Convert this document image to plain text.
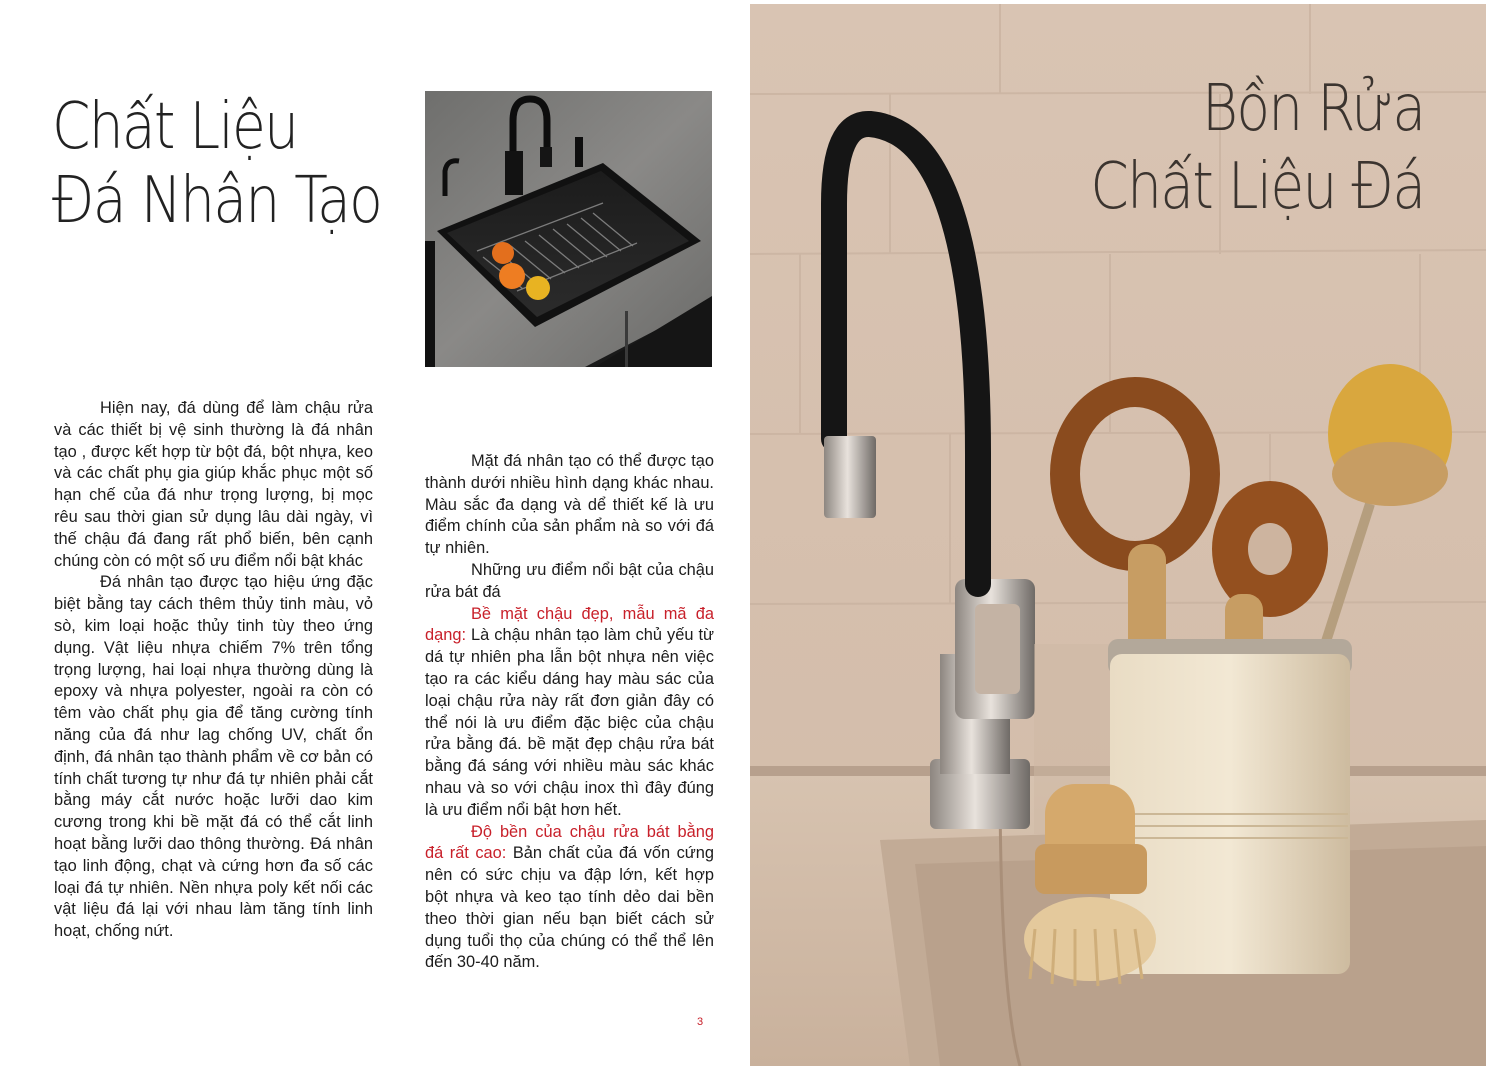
Chất Liệu
Đá Nhân Tạo

Hiện nay, đá dùng để làm chậu rửa và các thiết bị vệ sinh thường là đá nhân tạo , được kết hợp từ bột đá, bột nhựa, keo và các chất phụ gia giúp khắc phục một số hạn chế của đá như trọng lượng, bị mọc rêu sau thời gian sử dụng lâu dài ngày, vì thế chậu đá đang rất phổ biến, bên cạnh chúng còn có một số ưu điểm nổi bật khác

Đá nhân tạo được tạo hiệu ứng đặc biệt bằng tay cách thêm thủy tinh màu, vỏ sò, kim loại hoặc thủy tinh tùy theo ứng dụng. Vật liệu nhựa chiếm 7% trên tổng trọng lượng, hai loại nhựa thường dùng là epoxy và nhựa polyester, ngoài ra còn có têm vào chất phụ gia để tăng cường tính năng của đá như lag chống UV, chất ổn định, đá nhân tạo thành phẩm về cơ bản có tính chất tương tự như đá tự nhiên phải cắt bằng máy cắt nước hoặc lưỡi dao kim cương trong khi bề mặt đá có thể cắt linh hoạt bằng lưỡi dao thông thường. Đá nhân tạo linh động, chạt và cứng hơn đa số các loại đá tự nhiên. Nền nhựa poly kết nối các vật liệu đá lại với nhau làm tăng tính linh hoạt, chống nứt.

Mặt đá nhân tạo có thể được tạo thành dưới nhiều hình dạng khác nhau. Màu sắc đa dạng và dể thiết kế là ưu điểm chính của sản phẩm nà so với đá tự nhiên.

Những ưu điểm nổi bật của chậu rửa bát đá

Bề mặt chậu đẹp, mẫu mã đa dạng: Là chậu nhân tạo làm chủ yếu từ dá tự nhiên pha lẫn bột nhựa nên việc tạo ra các kiểu dáng hay màu sác của loại chậu rửa này rất đơn giản đây có thể nói là ưu điểm đặc biệc của chậu rửa bằng đá. bề mặt đẹp chậu rửa bát bằng đá sáng với nhiều màu sác khác nhau và so với chậu inox thì đây đúng là ưu điểm nổi bật hơn hết.

Độ bền của chậu rửa bát bằng đá rất cao: Bản chất của đá vốn cứng nên có sức chịu va đập lớn, kết hợp bột nhựa và keo tạo tính dẻo dai bền theo thời gian nếu bạn biết cách sử dụng tuổi thọ của chúng có thể thể lên đến 30-40 năm.

3
Bồn Rửa
Chất Liệu Đá
